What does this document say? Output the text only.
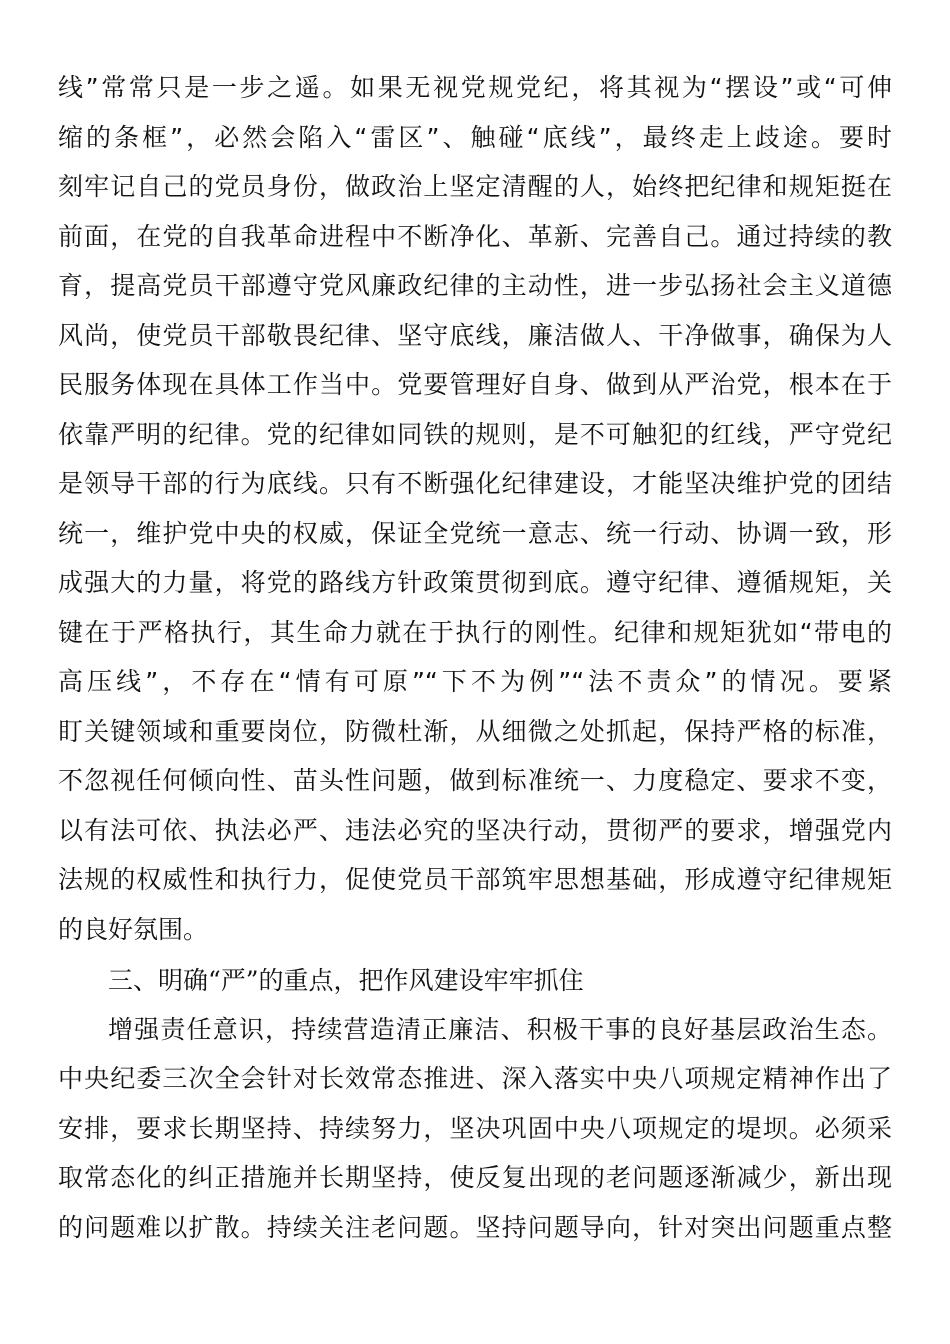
线”常常只是一步之遥。如果无视党规党纪，将其视为“摆设”或“可伸
缩的条框”，必然会陷入“雷区”、触碰“底线”，最终走上歧途。要时
刻牢记自己的党员身份，做政治上坚定清醒的人，始终把纪律和规矩挺在
前面，在党的自我革命进程中不断净化、革新、完善自己。通过持续的教
育，提高党员干部遵守党风廉政纪律的主动性，进一步弘扬社会主义道德
风尚，使党员干部敬畏纪律、坚守底线，廉洁做人、干净做事，确保为人
民服务体现在具体工作当中。党要管理好自身、做到从严治党，根本在于
依靠严明的纪律。党的纪律如同铁的规则，是不可触犯的红线，严守党纪
是领导干部的行为底线。只有不断强化纪律建设，才能坚决维护党的团结
统一，维护党中央的权威，保证全党统一意志、统一行动、协调一致，形
成强大的力量，将党的路线方针政策贯彻到底。遵守纪律、遵循规矩，关
键在于严格执行，其生命力就在于执行的刚性。纪律和规矩犹如“带电的
高压线”，不存在“情有可原”“下不为例”“法不责众”的情况。要紧
盯关键领域和重要岗位，防微杜渐，从细微之处抓起，保持严格的标准，
不忽视任何倾向性、苗头性问题，做到标准统一、力度稳定、要求不变，
以有法可依、执法必严、违法必究的坚决行动，贯彻严的要求，增强党内
法规的权威性和执行力，促使党员干部筑牢思想基础，形成遵守纪律规矩
的良好氛围。
三、明确“严”的重点，把作风建设牢牢抓住
增强责任意识，持续营造清正廉洁、积极干事的良好基层政治生态。
中央纪委三次全会针对长效常态推进、深入落实中央八项规定精神作出了
安排，要求长期坚持、持续努力，坚决巩固中央八项规定的堤坝。必须采
取常态化的纠正措施并长期坚持，使反复出现的老问题逐渐减少，新出现
的问题难以扩散。持续关注老问题。坚持问题导向，针对突出问题重点整
